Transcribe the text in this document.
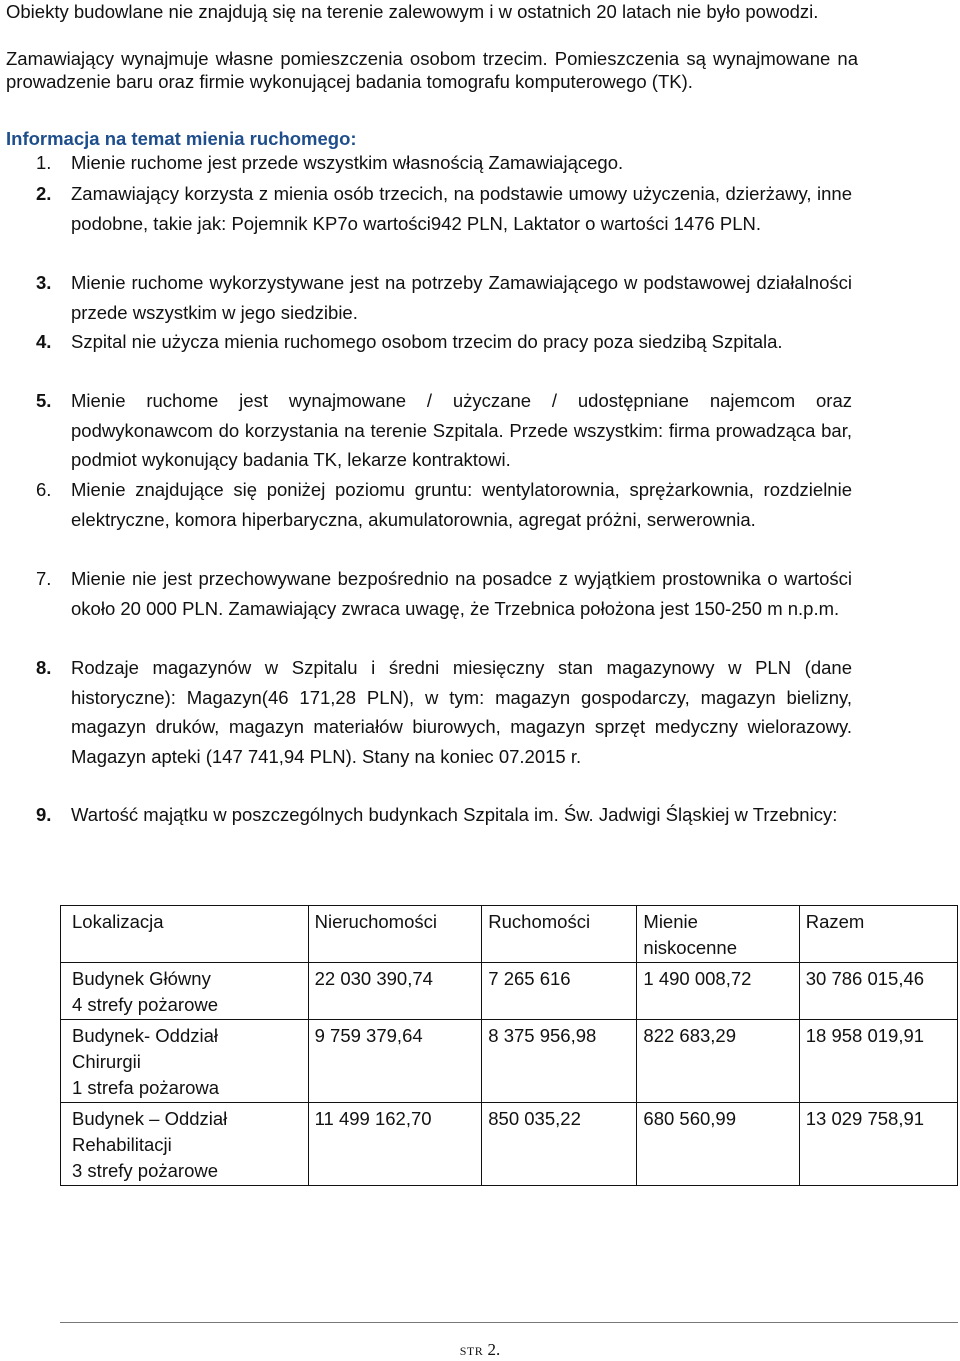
Obiekty budowlane nie znajdują się na terenie zalewowym i w ostatnich 20 latach nie było powodzi.

Zamawiający wynajmuje własne pomieszczenia osobom trzecim. Pomieszczenia są wynajmowane na prowadzenie baru oraz firmie wykonującej badania tomografu komputerowego (TK).

Informacja na temat mienia ruchomego:

1.	Mienie ruchome jest przede wszystkim własnością Zamawiającego.
2.	Zamawiający korzysta z mienia osób trzecich, na podstawie umowy użyczenia, dzierżawy, inne podobne, takie jak: Pojemnik KP7o wartości942 PLN, Laktator o wartości 1476 PLN.
3.	Mienie ruchome wykorzystywane jest na potrzeby Zamawiającego w podstawowej działalności przede wszystkim w jego siedzibie.
4.	Szpital nie użycza mienia ruchomego osobom trzecim do pracy poza siedzibą Szpitala.
5.	Mienie ruchome jest wynajmowane / użyczane / udostępniane najemcom oraz podwykonawcom do korzystania na terenie Szpitala. Przede wszystkim: firma prowadząca bar, podmiot wykonujący badania TK, lekarze kontraktowi.
6.	Mienie znajdujące się poniżej poziomu gruntu: wentylatorownia, sprężarkownia, rozdzielnie elektryczne, komora hiperbaryczna, akumulatorownia, agregat próżni, serwerownia.
7.	Mienie nie jest przechowywane bezpośrednio na posadce z wyjątkiem prostownika o wartości około 20 000 PLN. Zamawiający zwraca uwagę, że Trzebnica położona jest 150-250 m n.p.m.
8.	Rodzaje magazynów w Szpitalu i średni miesięczny stan magazynowy w PLN (dane historyczne): Magazyn(46 171,28 PLN), w tym: magazyn gospodarczy, magazyn bielizny, magazyn druków, magazyn materiałów biurowych, magazyn sprzęt medyczny wielorazowy. Magazyn apteki (147 741,94 PLN). Stany na koniec 07.2015 r.
9.	Wartość majątku w poszczególnych budynkach Szpitala im. Św. Jadwigi Śląskiej w Trzebnicy:
Lokalizacja	Nieruchomości	Ruchomości	Mienie niskocenne	Razem

Budynek Główny
4 strefy pożarowe	22 030 390,74	7 265 616	1 490 008,72	30 786 015,46

Budynek- Oddział
Chirurgii
1 strefa pożarowa	9 759 379,64	8 375 956,98	822 683,29	18 958 019,91

Budynek – Oddział
Rehabilitacji
3 strefy pożarowe	11 499 162,70	850 035,22	680 560,99	13 029 758,91
STR 2.
